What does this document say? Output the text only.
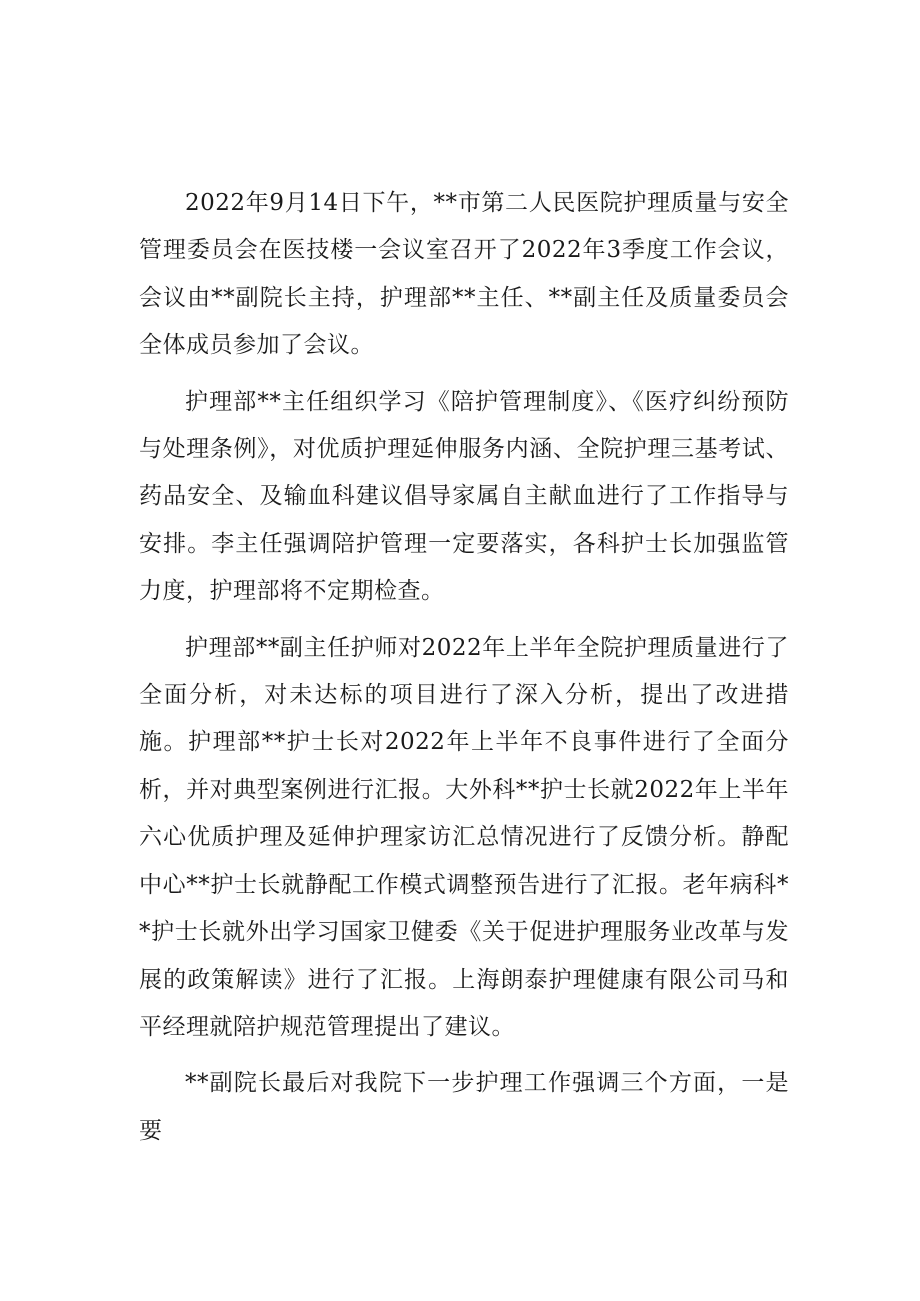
2022年9月14日下午，**市第二人民医院护理质量与安全管理委员会在医技楼一会议室召开了2022年3季度工作会议，会议由**副院长主持，护理部**主任、**副主任及质量委员会全体成员参加了会议。

护理部**主任组织学习《陪护管理制度》、《医疗纠纷预防与处理条例》，对优质护理延伸服务内涵、全院护理三基考试、药品安全、及输血科建议倡导家属自主献血进行了工作指导与安排。李主任强调陪护管理一定要落实，各科护士长加强监管力度，护理部将不定期检查。

护理部**副主任护师对2022年上半年全院护理质量进行了全面分析，对未达标的项目进行了深入分析，提出了改进措施。护理部**护士长对2022年上半年不良事件进行了全面分析，并对典型案例进行汇报。大外科**护士长就2022年上半年六心优质护理及延伸护理家访汇总情况进行了反馈分析。静配中心**护士长就静配工作模式调整预告进行了汇报。老年病科**护士长就外出学习国家卫健委《关于促进护理服务业改革与发展的政策解读》进行了汇报。上海朗泰护理健康有限公司马和平经理就陪护规范管理提出了建议。

**副院长最后对我院下一步护理工作强调三个方面，一是要
